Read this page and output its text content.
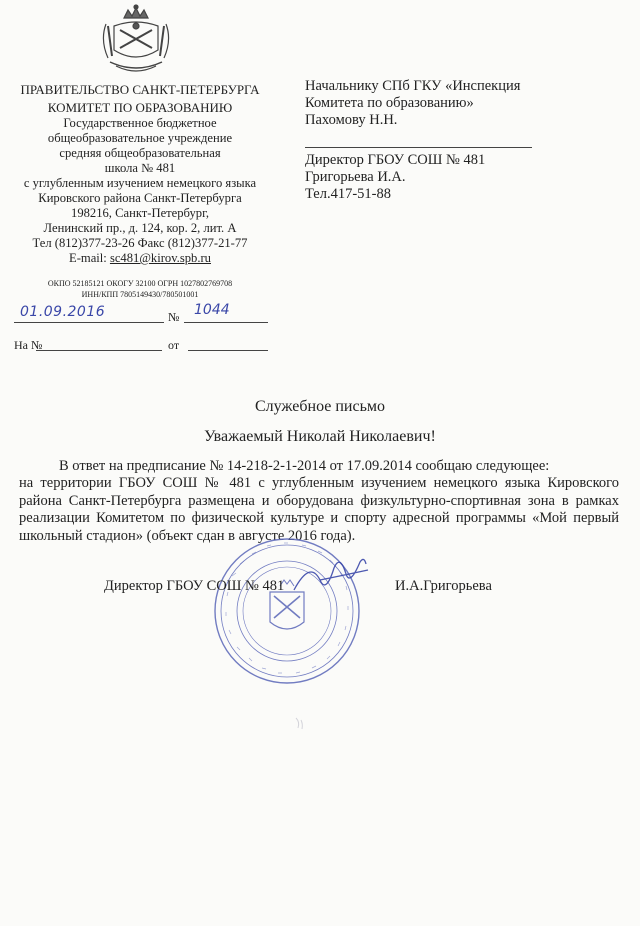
ПРАВИТЕЛЬСТВО САНКТ-ПЕТЕРБУРГА
КОМИТЕТ ПО ОБРАЗОВАНИЮ
Государственное бюджетное
общеобразовательное учреждение
средняя общеобразовательная
школа № 481
с углубленным изучением немецкого языка
Кировского района Санкт-Петербурга
198216, Санкт-Петербург,
Ленинский пр., д. 124, кор. 2, лит. А
Тел (812)377-23-26 Факс (812)377-21-77
E-mail: sc481@kirov.spb.ru
ОКПО 52185121 ОКОГУ 32100 ОГРН 1027802769708
ИНН/КПП 7805149430/780501001
01.09.2016	№ 1044
На №	от
Начальнику СПб ГКУ «Инспекция
Комитета по образованию»
Пахомову Н.Н.
Директор ГБОУ СОШ № 481
Григорьева И.А.
Тел.417-51-88
Служебное письмо
Уважаемый Николай Николаевич!
В ответ на предписание № 14-218-2-1-2014 от 17.09.2014 сообщаю следующее:
на территории ГБОУ СОШ № 481 с углубленным изучением немецкого языка Кировского района Санкт-Петербурга размещена и оборудована физкультурно-спортивная зона в рамках реализации Комитетом по физической культуре и спорту адресной программы «Мой первый школьный стадион» (объект сдан в августе 2016 года).
Директор ГБОУ СОШ № 481	И.А.Григорьева
